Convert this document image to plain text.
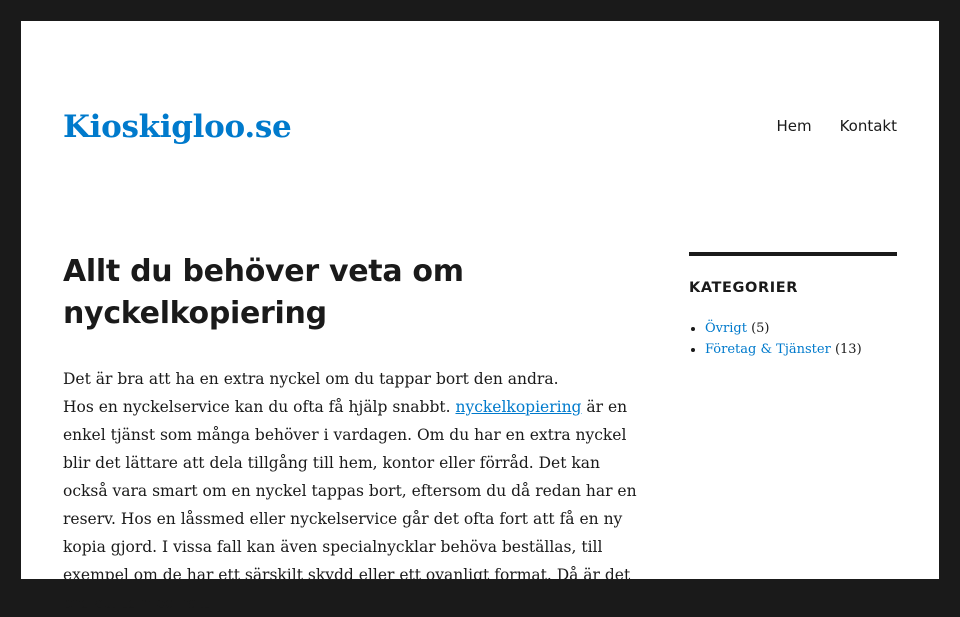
Kioskigloo.se	Hem Kontakt
Allt du behöver veta om nyckelkopiering

Det är bra att ha en extra nyckel om du tappar bort den andra.

Hos en nyckelservice kan du ofta få hjälp snabbt. nyckelkopiering är en enkel tjänst som många behöver i vardagen. Om du har en extra nyckel blir det lättare att dela tillgång till hem, kontor eller förråd. Det kan också vara smart om en nyckel tappas bort, eftersom du då redan har en reserv. Hos en låssmed eller nyckelservice går det ofta fort att få en ny kopia gjord. I vissa fall kan även specialnycklar behöva beställas, till exempel om de har ett särskilt skydd eller ett ovanligt format. Då är det bra att ta med rätt

KATEGORIER
• Övrigt (5)
• Företag & Tjänster (13)
